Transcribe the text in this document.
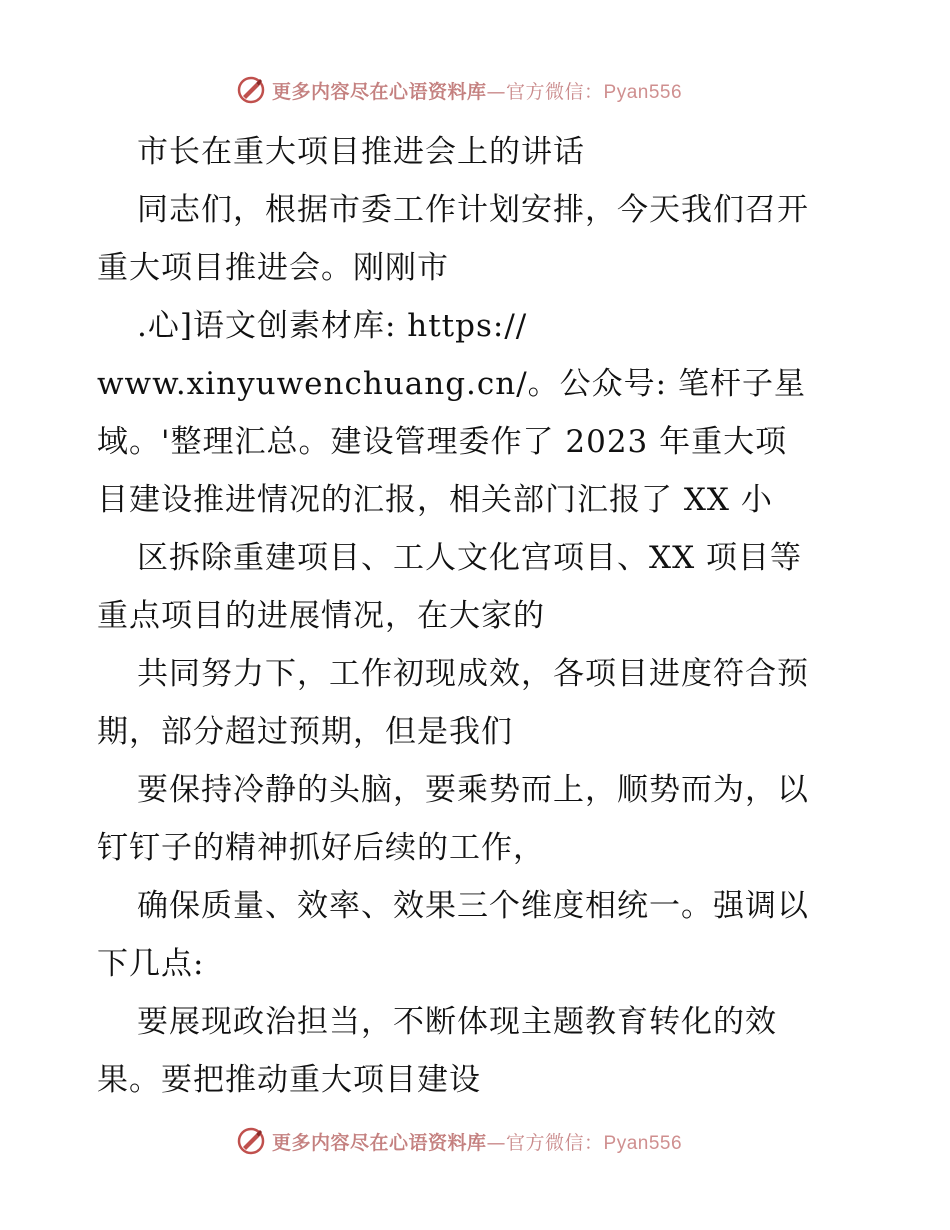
更多内容尽在心语资料库—官方微信：Pyan556
市长在重大项目推进会上的讲话
同志们，根据市委工作计划安排，今天我们召开
重大项目推进会。刚刚市
.心]语文创素材库: https://
www.xinyuwenchuang.cn/。公众号: 笔杆子星
域。'整理汇总。建设管理委作了 2023 年重大项
目建设推进情况的汇报，相关部门汇报了 XX 小
区拆除重建项目、工人文化宫项目、XX 项目等
重点项目的进展情况，在大家的
共同努力下，工作初现成效，各项目进度符合预
期，部分超过预期，但是我们
要保持冷静的头脑，要乘势而上，顺势而为，以
钉钉子的精神抓好后续的工作，
确保质量、效率、效果三个维度相统一。强调以
下几点:
要展现政治担当，不断体现主题教育转化的效
果。要把推动重大项目建设
更多内容尽在心语资料库—官方微信：Pyan556
